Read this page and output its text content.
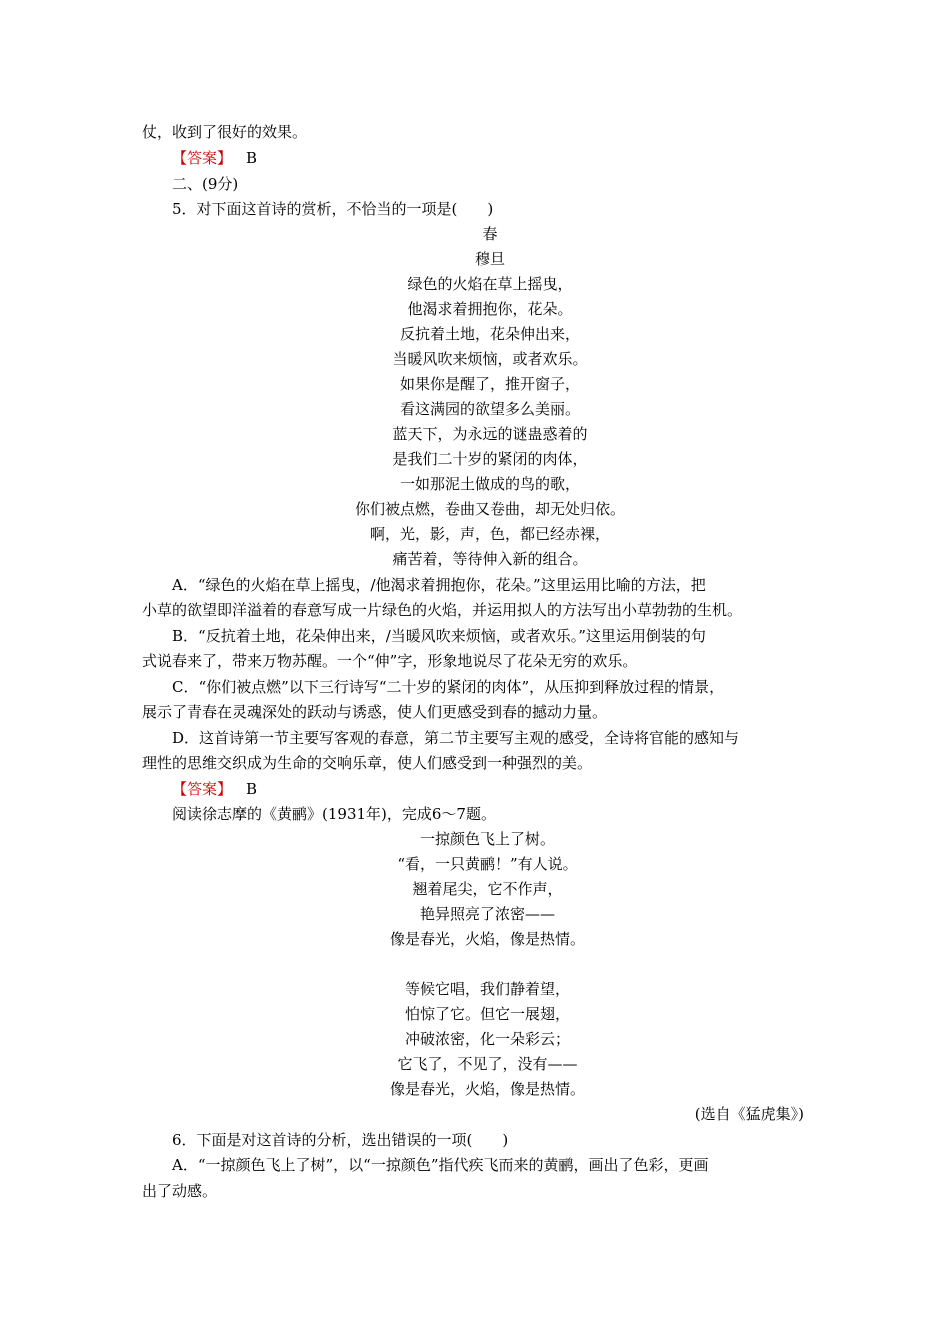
仗，收到了很好的效果。
【答案】 B
二、(9分)
5．对下面这首诗的赏析，不恰当的一项是(　　)
春
穆旦
绿色的火焰在草上摇曳，
他渴求着拥抱你，花朵。
反抗着土地，花朵伸出来，
当暖风吹来烦恼，或者欢乐。
如果你是醒了，推开窗子，
看这满园的欲望多么美丽。
蓝天下，为永远的谜蛊惑着的
是我们二十岁的紧闭的肉体，
一如那泥土做成的鸟的歌，
你们被点燃，卷曲又卷曲，却无处归依。
啊，光，影，声，色，都已经赤裸，
痛苦着，等待伸入新的组合。
A．“绿色的火焰在草上摇曳，/他渴求着拥抱你，花朵。”这里运用比喻的方法，把
小草的欲望即洋溢着的春意写成一片绿色的火焰，并运用拟人的方法写出小草勃勃的生机。
B．“反抗着土地，花朵伸出来，/当暖风吹来烦恼，或者欢乐。”这里运用倒装的句
式说春来了，带来万物苏醒。一个“伸”字，形象地说尽了花朵无穷的欢乐。
C．“你们被点燃”以下三行诗写“二十岁的紧闭的肉体”，从压抑到释放过程的情景，
展示了青春在灵魂深处的跃动与诱惑，使人们更感受到春的撼动力量。
D．这首诗第一节主要写客观的春意，第二节主要写主观的感受，全诗将官能的感知与
理性的思维交织成为生命的交响乐章，使人们感受到一种强烈的美。
【答案】 B
阅读徐志摩的《黄鹂》(1931年)，完成6～7题。
一掠颜色飞上了树。
“看，一只黄鹂！”有人说。
翘着尾尖，它不作声，
艳异照亮了浓密——
像是春光，火焰，像是热情。
等候它唱，我们静着望，
怕惊了它。但它一展翅，
冲破浓密，化一朵彩云；
它飞了，不见了，没有——
像是春光，火焰，像是热情。
(选自《猛虎集》)
6．下面是对这首诗的分析，选出错误的一项(　　)
A．“一掠颜色飞上了树”，以“一掠颜色”指代疾飞而来的黄鹂，画出了色彩，更画
出了动感。
